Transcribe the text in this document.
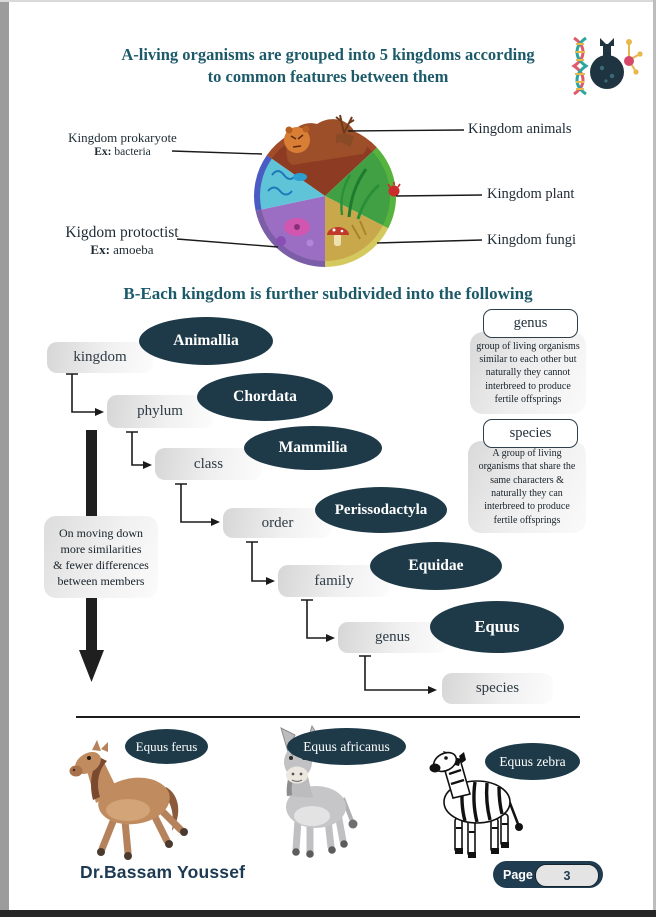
A-living organisms are grouped into 5 kingdoms according
to common features between them
Kingdom prokaryote
Ex: bacteria
Kigdom protoctist
Ex: amoeba
Kingdom animals
Kingdom plant
Kingdom fungi
B-Each kingdom is further subdivided into the following
kingdom
phylum
class
order
family
genus
species
Animallia
Chordata
Mammilia
Perissodactyla
Equidae
Equus
On moving down
more similarities
& fewer differences
between members
genus
group of living organisms similar to each other but naturally they cannot interbreed to produce fertile offsprings
species
A group of living organisms that share the same characters & naturally they can interbreed to produce fertile offsprings
Equus ferus	Equus africanus
Equus zebra
Dr.Bassam Youssef	Page	3
